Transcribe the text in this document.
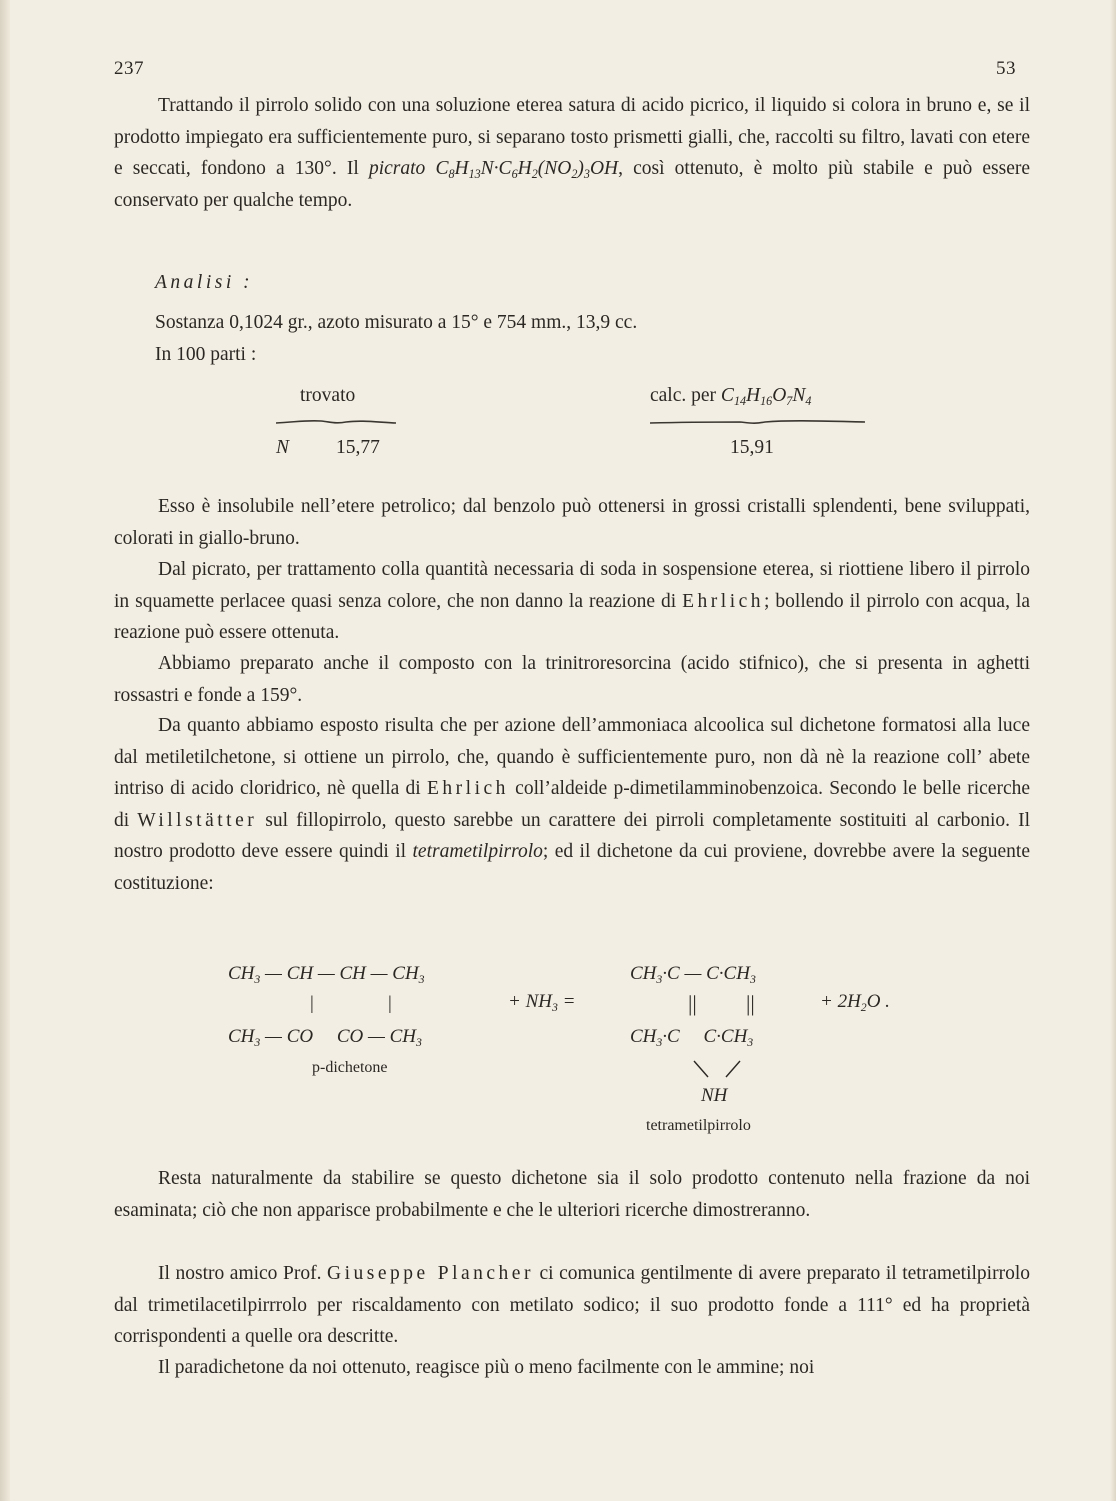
237	53

Trattando il pirrolo solido con una soluzione eterea satura di acido picrico, il liquido si colora in bruno e, se il prodotto impiegato era sufficientemente puro, si separano tosto prismetti gialli, che, raccolti su filtro, lavati con etere e seccati, fondono a 130°. Il picrato $C_8H_{13}N\cdot C_6H_2(NO_2)_3OH$, così ottenuto, è molto più stabile e può essere conservato per qualche tempo.

Analisi :
Sostanza 0,1024 gr., azoto misurato a 15° e 754 mm., 13,9 cc.
In 100 parti :
trovato	calc. per $C_{14}H_{16}O_7N_4$
N 15,77	15,91

Esso è insolubile nell’etere petrolico; dal benzolo può ottenersi in grossi cristalli splendenti, bene sviluppati, colorati in giallo-bruno.

Dal picrato, per trattamento colla quantità necessaria di soda in sospensione eterea, si riottiene libero il pirrolo in squamette perlacee quasi senza colore, che non danno la reazione di Ehrlich; bollendo il pirrolo con acqua, la reazione può essere ottenuta.

Abbiamo preparato anche il composto con la trinitroresorcina (acido stifnico), che si presenta in aghetti rossastri e fonde a 159°.

Da quanto abbiamo esposto risulta che per azione dell’ammoniaca alcoolica sul dichetone formatosi alla luce dal metiletilchetone, si ottiene un pirrolo, che, quando è sufficientemente puro, non dà nè la reazione coll’ abete intriso di acido cloridrico, nè quella di Ehrlich coll’aldeide p-dimetilamminobenzoica. Secondo le belle ricerche di Willstätter sul fillopirrolo, questo sarebbe un carattere dei pirroli completamente sostituiti al carbonio. Il nostro prodotto deve essere quindi il tetrametilpirrolo; ed il dichetone da cui proviene, dovrebbe avere la seguente costituzione:

$CH_3$ — CH — CH — $CH_3$
|	|
$CH_3$ — CO     CO — $CH_3$
p-dichetone
+ $NH_3$ =
$CH_3\cdot C$ — $C\cdot CH_3$
|| ||
$CH_3\cdot C$     $C\cdot CH_3$
NH
tetrametilpirrolo
+ $2H_2O$ .

Resta naturalmente da stabilire se questo dichetone sia il solo prodotto contenuto nella frazione da noi esaminata; ciò che non apparisce probabilmente e che le ulteriori ricerche dimostreranno.

Il nostro amico Prof. Giuseppe Plancher ci comunica gentilmente di avere preparato il tetrametilpirrolo dal trimetilacetilpirrrolo per riscaldamento con metilato sodico; il suo prodotto fonde a 111° ed ha proprietà corrispondenti a quelle ora descritte.

Il paradichetone da noi ottenuto, reagisce più o meno facilmente con le ammine; noi
